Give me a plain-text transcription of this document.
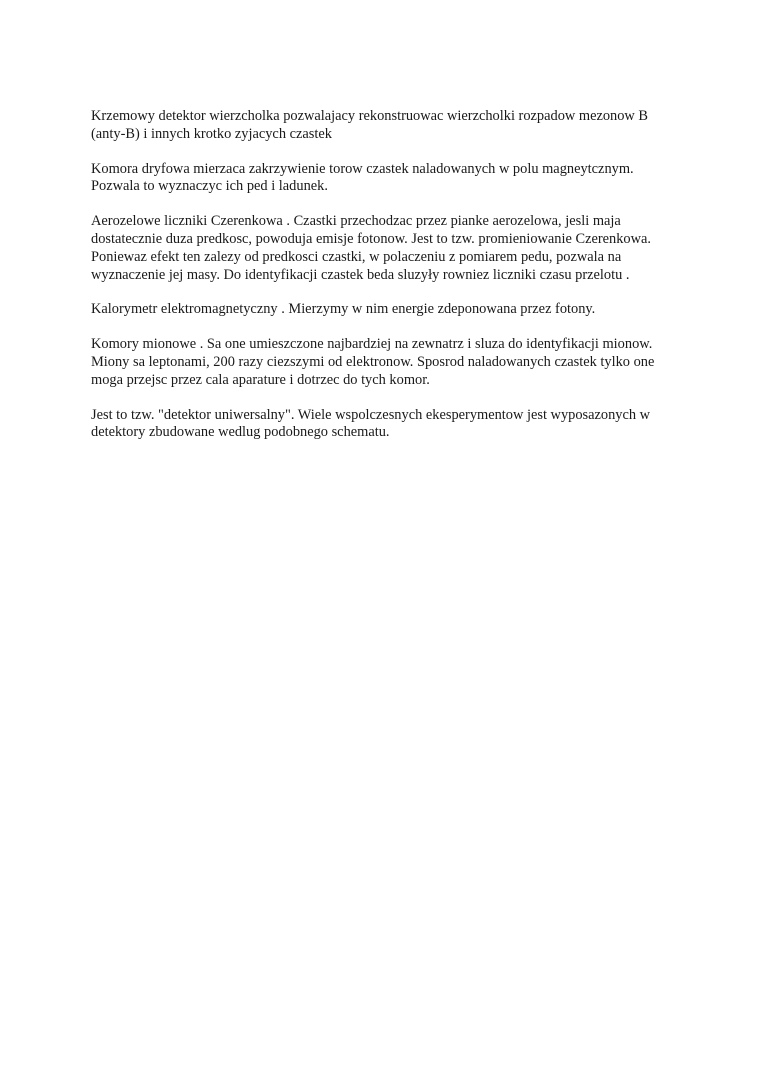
Krzemowy detektor wierzcholka pozwalajacy rekonstruowac wierzcholki rozpadow mezonow B (anty-B) i innych krotko zyjacych czastek

Komora dryfowa mierzaca zakrzywienie torow czastek naladowanych w polu magneytcznym. Pozwala to wyznaczyc ich ped i ladunek.

Aerozelowe liczniki Czerenkowa . Czastki przechodzac przez pianke aerozelowa, jesli maja dostatecznie duza predkosc, powoduja emisje fotonow. Jest to tzw. promieniowanie Czerenkowa. Poniewaz efekt ten zalezy od predkosci czastki, w polaczeniu z pomiarem pedu, pozwala na wyznaczenie jej masy. Do identyfikacji czastek beda sluzyły rowniez liczniki czasu przelotu .

Kalorymetr elektromagnetyczny . Mierzymy w nim energie zdeponowana przez fotony.

Komory mionowe . Sa one umieszczone najbardziej na zewnatrz i sluza do identyfikacji mionow. Miony sa leptonami, 200 razy ciezszymi od elektronow. Sposrod naladowanych czastek tylko one moga przejsc przez cala aparature i dotrzec do tych komor.

Jest to tzw. "detektor uniwersalny". Wiele wspolczesnych ekesperymentow jest wyposazonych w detektory zbudowane wedlug podobnego schematu.
